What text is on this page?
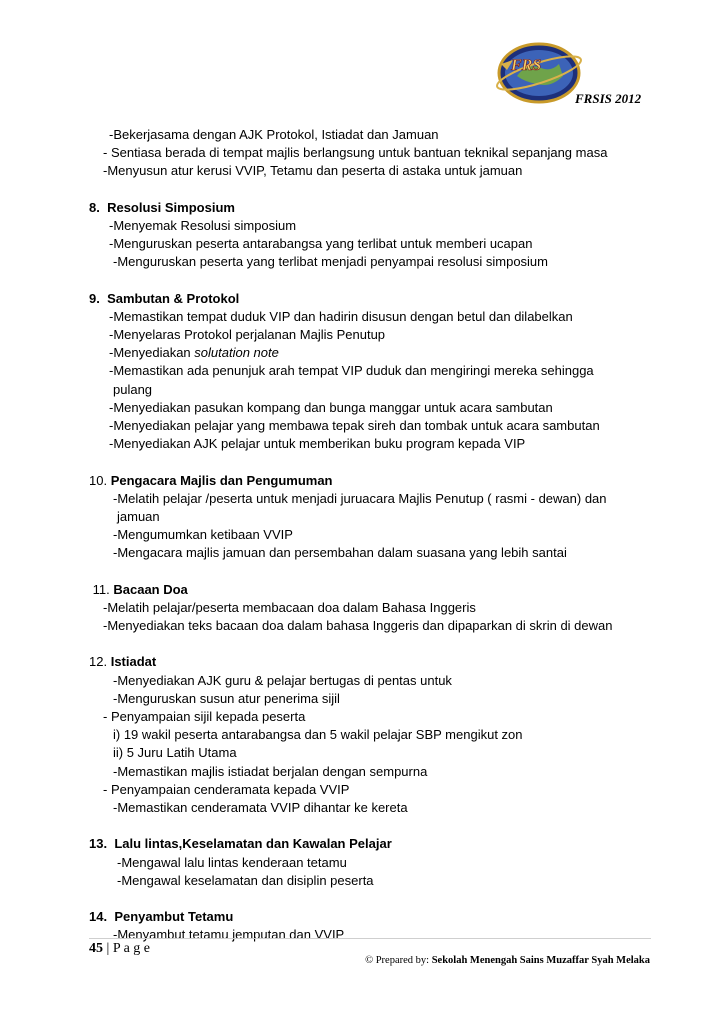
FRS
FRSIS 2012
-Bekerjasama dengan AJK Protokol, Istiadat dan Jamuan
- Sentiasa berada di tempat majlis berlangsung untuk bantuan teknikal sepanjang masa
-Menyusun atur kerusi VVIP, Tetamu dan peserta di astaka untuk jamuan
8. Resolusi Simposium
-Menyemak Resolusi simposium
-Menguruskan peserta antarabangsa yang terlibat untuk memberi ucapan
-Menguruskan peserta yang terlibat menjadi penyampai resolusi simposium
9. Sambutan & Protokol
-Memastikan tempat duduk VIP dan hadirin disusun dengan betul dan dilabelkan
-Menyelaras Protokol perjalanan Majlis Penutup
-Menyediakan solutation note
-Memastikan ada penunjuk arah tempat VIP duduk dan mengiringi mereka sehingga
pulang
-Menyediakan pasukan kompang dan bunga manggar untuk acara sambutan
-Menyediakan pelajar yang membawa tepak sireh dan tombak untuk acara sambutan
-Menyediakan AJK pelajar untuk memberikan buku program kepada VIP
10. Pengacara Majlis dan Pengumuman
-Melatih pelajar /peserta untuk menjadi juruacara Majlis Penutup ( rasmi - dewan) dan
jamuan
-Mengumumkan ketibaan VVIP
-Mengacara majlis jamuan dan persembahan dalam suasana yang lebih santai
11. Bacaan Doa
-Melatih pelajar/peserta membacaan doa dalam Bahasa Inggeris
-Menyediakan teks bacaan doa dalam bahasa Inggeris dan dipaparkan di skrin di dewan
12. Istiadat
-Menyediakan AJK guru & pelajar bertugas di pentas untuk
-Menguruskan susun atur penerima sijil
- Penyampaian sijil kepada peserta
i) 19 wakil peserta antarabangsa dan 5 wakil pelajar SBP mengikut zon
ii) 5 Juru Latih Utama
-Memastikan majlis istiadat berjalan dengan sempurna
- Penyampaian cenderamata kepada VVIP
-Memastikan cenderamata VVIP dihantar ke kereta
13. Lalu lintas,Keselamatan dan Kawalan Pelajar
-Mengawal lalu lintas kenderaan tetamu
-Mengawal keselamatan dan disiplin peserta
14. Penyambut Tetamu
-Menyambut tetamu jemputan dan VVIP
45 | P a g e
© Prepared by: Sekolah Menengah Sains Muzaffar Syah Melaka
